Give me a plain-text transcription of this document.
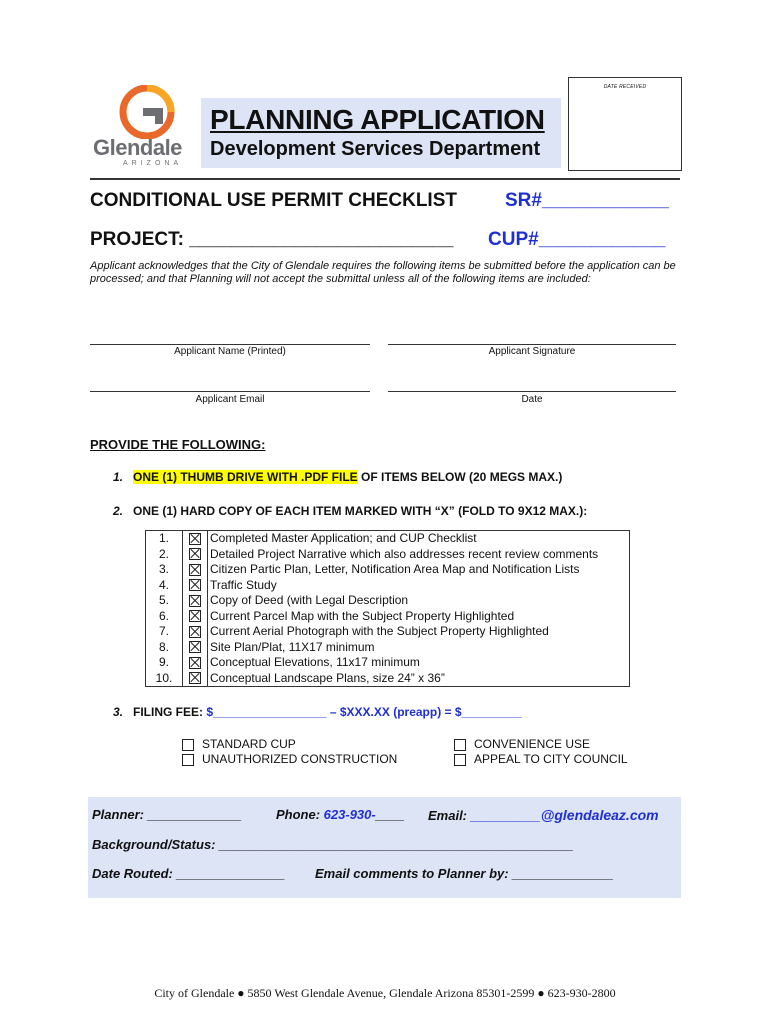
Glendale
ARIZONA
DATE RECEIVED
PLANNING APPLICATION
Development Services Department
CONDITIONAL USE PERMIT CHECKLIST	SR#____________
PROJECT: _________________________ CUP#____________
Applicant acknowledges that the City of Glendale requires the following items be submitted before the application can be processed; and that Planning will not accept the submittal unless all of the following items are included:
Applicant Name (Printed)	Applicant Signature
Applicant Email	Date
PROVIDE THE FOLLOWING:
1. ONE (1) THUMB DRIVE WITH .PDF FILE OF ITEMS BELOW (20 MEGS MAX.)
2. ONE (1) HARD COPY OF EACH ITEM MARKED WITH “X” (FOLD TO 9X12 MAX.):
1.		Completed Master Application; and CUP Checklist
2.		Detailed Project Narrative which also addresses recent review comments
3.		Citizen Partic Plan, Letter, Notification Area Map and Notification Lists
4.		Traffic Study
5.		Copy of Deed (with Legal Description
6.		Current Parcel Map with the Subject Property Highlighted
7.		Current Aerial Photograph with the Subject Property Highlighted
8.		Site Plan/Plat, 11X17 minimum
9.		Conceptual Elevations, 11x17 minimum
10.		Conceptual Landscape Plans, size 24” x 36”
3. FILING FEE: $_________________ – $XXX.XX (preapp) = $_________
STANDARD CUP
UNAUTHORIZED CONSTRUCTION
CONVENIENCE USE
APPEAL TO CITY COUNCIL
Planner: _____________	Phone: 623-930-____ Email: _________@glendaleaz.com
Background/Status: _________________________________________________
Date Routed: _______________ Email comments to Planner by: ______________
City of Glendale ● 5850 West Glendale Avenue, Glendale Arizona 85301-2599 ● 623-930-2800
